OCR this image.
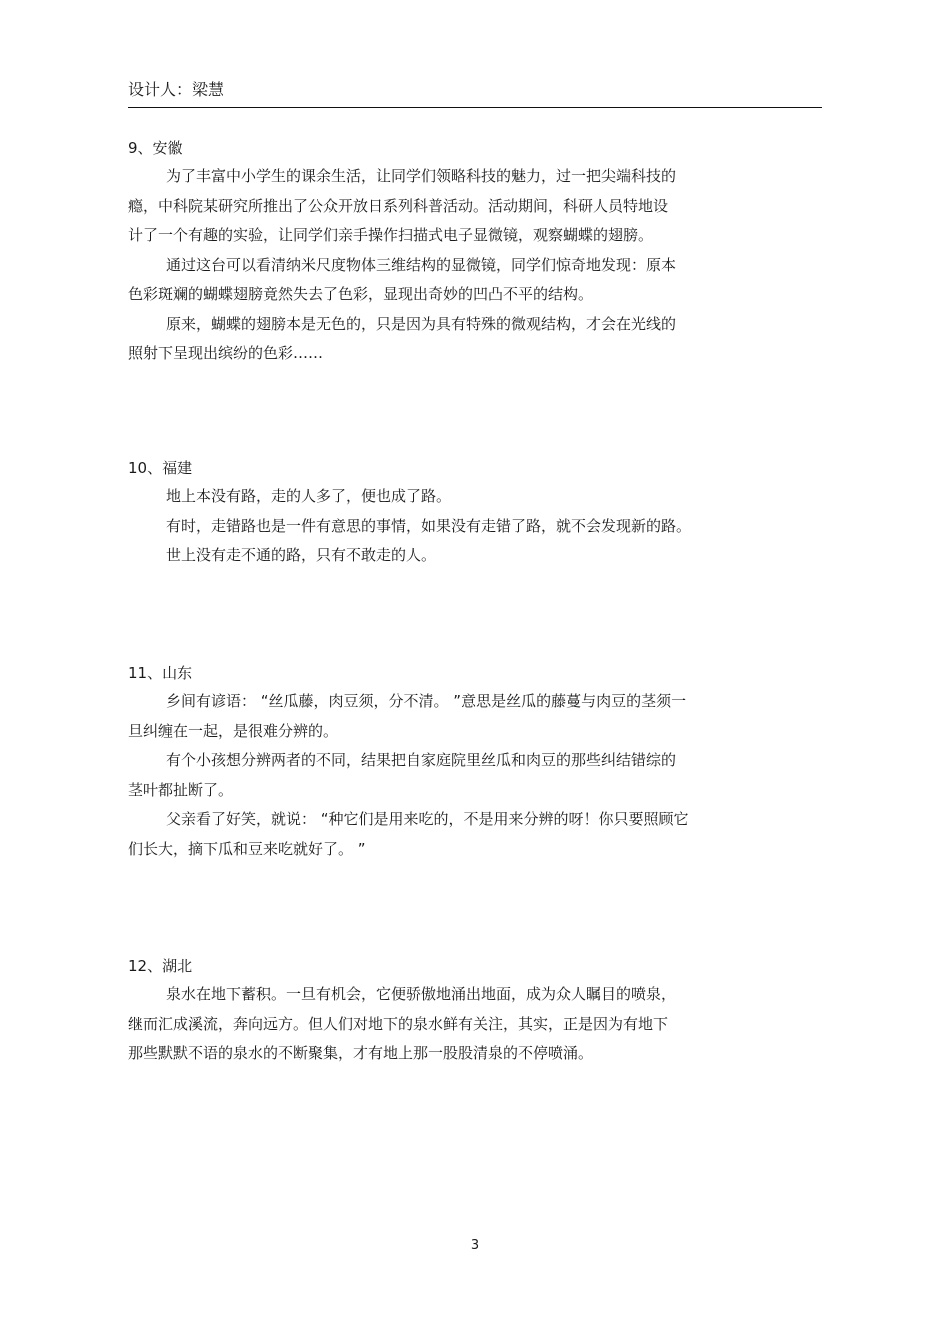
设计人：梁慧
9、安徽
为了丰富中小学生的课余生活，让同学们领略科技的魅力，过一把尖端科技的
瘾，中科院某研究所推出了公众开放日系列科普活动。活动期间，科研人员特地设
计了一个有趣的实验，让同学们亲手操作扫描式电子显微镜，观察蝴蝶的翅膀。
通过这台可以看清纳米尺度物体三维结构的显微镜，同学们惊奇地发现：原本
色彩斑斓的蝴蝶翅膀竟然失去了色彩，显现出奇妙的凹凸不平的结构。
原来，蝴蝶的翅膀本是无色的，只是因为具有特殊的微观结构，才会在光线的
照射下呈现出缤纷的色彩……
10、福建
地上本没有路，走的人多了，便也成了路。
有时，走错路也是一件有意思的事情，如果没有走错了路，就不会发现新的路。
世上没有走不通的路，只有不敢走的人。
11、山东
乡间有谚语： “丝瓜藤，肉豆须，分不清。 ”意思是丝瓜的藤蔓与肉豆的茎须一
旦纠缠在一起，是很难分辨的。
有个小孩想分辨两者的不同，结果把自家庭院里丝瓜和肉豆的那些纠结错综的
茎叶都扯断了。
父亲看了好笑，就说： “种它们是用来吃的，不是用来分辨的呀！你只要照顾它
们长大，摘下瓜和豆来吃就好了。 ”
12、湖北
泉水在地下蓄积。一旦有机会，它便骄傲地涌出地面，成为众人瞩目的喷泉，
继而汇成溪流，奔向远方。但人们对地下的泉水鲜有关注，其实，正是因为有地下
那些默默不语的泉水的不断聚集，才有地上那一股股清泉的不停喷涌。
3
